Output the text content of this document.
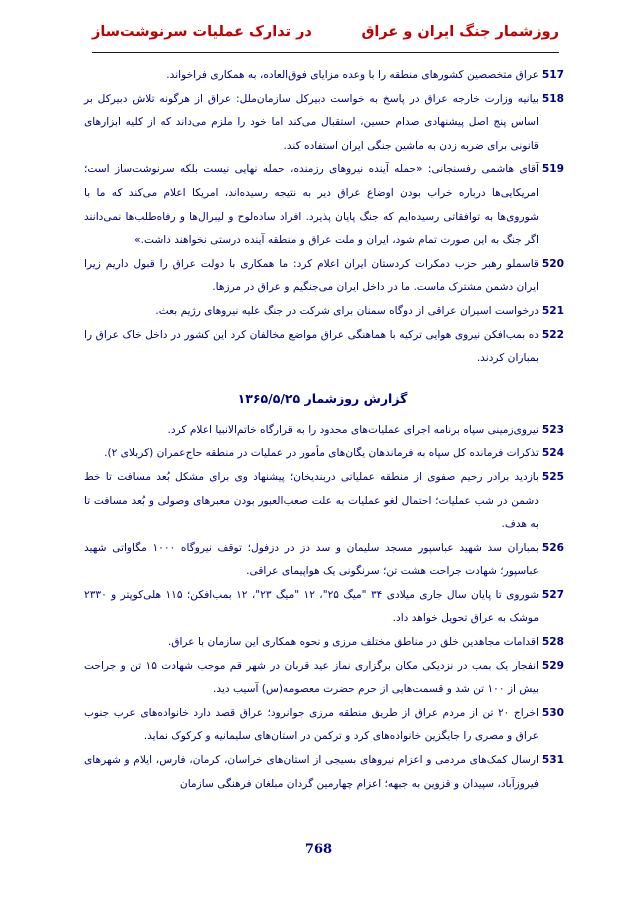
روزشمار جنگ ایران و عراق
در تدارک عملیات سرنوشت‌ساز

517
عراق متخصصین کشورهای منطقه را با وعده مزایای فوق‌العاده، به همکاری فراخواند.

518
بیانیه وزارت خارجه عراق در پاسخ به خواست دبیرکل سازمان‌ملل: عراق از هرگونه تلاش دبیرکل بر اساس پنج اصل پیشنهادی صدام حسین، استقبال می‌کند اما خود را ملزم می‌داند که از کلیه ابزارهای قانونی برای ضربه زدن به ماشین جنگی ایران استفاده کند.

519
آقای هاشمی رفسنجانی: «حمله آینده نیروهای رزمنده، حمله نهایی نیست بلکه سرنوشت‌ساز است؛ امریکایی‌ها درباره خراب بودن اوضاع عراق دیر به نتیجه رسیده‌اند، امریکا اعلام می‌کند که ما با شوروی‌ها به توافقاتی رسیده‌ایم که جنگ پایان پذیرد. افراد ساده‌لوح و لیبرال‌ها و رفاه‌طلب‌ها نمی‌دانند اگر جنگ به این صورت تمام شود، ایران و ملت عراق و منطقه آینده درستی نخواهند داشت.»

520
قاسملو رهبر حزب دمکرات کردستان ایران اعلام کرد: ما همکاری با دولت عراق را قبول داریم زیرا ایران دشمن مشترک ماست. ما در داخل ایران می‌جنگیم و عراق در مرزها.

521
درخواست اسیران عراقی از دوگاه سمنان برای شرکت در جنگ علیه نیروهای رژیم بعث.

522
ده بمب‌افکن نیروی هوایی ترکیه با هماهنگی عراق مواضع مخالفان کرد این کشور در داخل خاک عراق را بمباران کردند.

گزارش روزشمار ۱۳۶۵/۵/۲۵

523
نیروی‌زمینی سپاه برنامه اجرای عملیات‌های محدود را به قرارگاه خاتم‌الانبیا اعلام کرد.

524
تذکرات فرمانده کل سپاه به فرماندهان یگان‌های مأمور در عملیات در منطقه حاج‌عمران (کربلای ۲).

525
بازدید برادر رحیم صفوی از منطقه عملیاتی دربندیخان؛ پیشنهاد وی برای مشکل بُعد مسافت تا خط دشمن در شب عملیات؛ احتمال لغو عملیات به علت صعب‌العبور بودن معبرهای وصولی و بُعد مسافت تا به هدف.

526
بمباران سد شهید عباسپور مسجد سلیمان و سد دز در دزفول؛ توقف نیروگاه ۱۰۰۰ مگاواتی شهید عباسپور؛ شهادت جراحت هشت تن؛ سرنگونی یک هواپیمای عراقی.

527
شوروی تا پایان سال جاری میلادی ۳۴ "میگ ۲۵"، ۱۲ "میگ ۲۳"، ۱۲ بمب‌افکن؛ ۱۱۵ هلی‌کوپتر و ۲۳۳۰ موشک به عراق تحویل خواهد داد.

528
اقدامات مجاهدین خلق در مناطق مختلف مرزی و نحوه همکاری این سازمان با عراق.

529
انفجار یک بمب در نزدیکی مکان برگزاری نماز عید قربان در شهر قم موجب شهادت ۱۵ تن و جراحت بیش از ۱۰۰ تن شد و قسمت‌هایی از حرم حضرت معصومه(س) آسیب دید.

530
اخراج ۲۰ تن از مردم عراق از طریق منطقه مرزی جوانرود؛ عراق قصد دارد خانواده‌های عرب جنوب عراق و مصری را جایگزین خانواده‌های کرد و ترکمن در استان‌های سلیمانیه و کرکوک نماید.

531
ارسال کمک‌های مردمی و اعزام نیروهای بسیجی از استان‌های خراسان، کرمان، فارس، ایلام و شهرهای فیروزآباد، سپیدان و قزوین به جبهه؛ اعزام چهارمین گردان مبلغان فرهنگی سازمان

768
